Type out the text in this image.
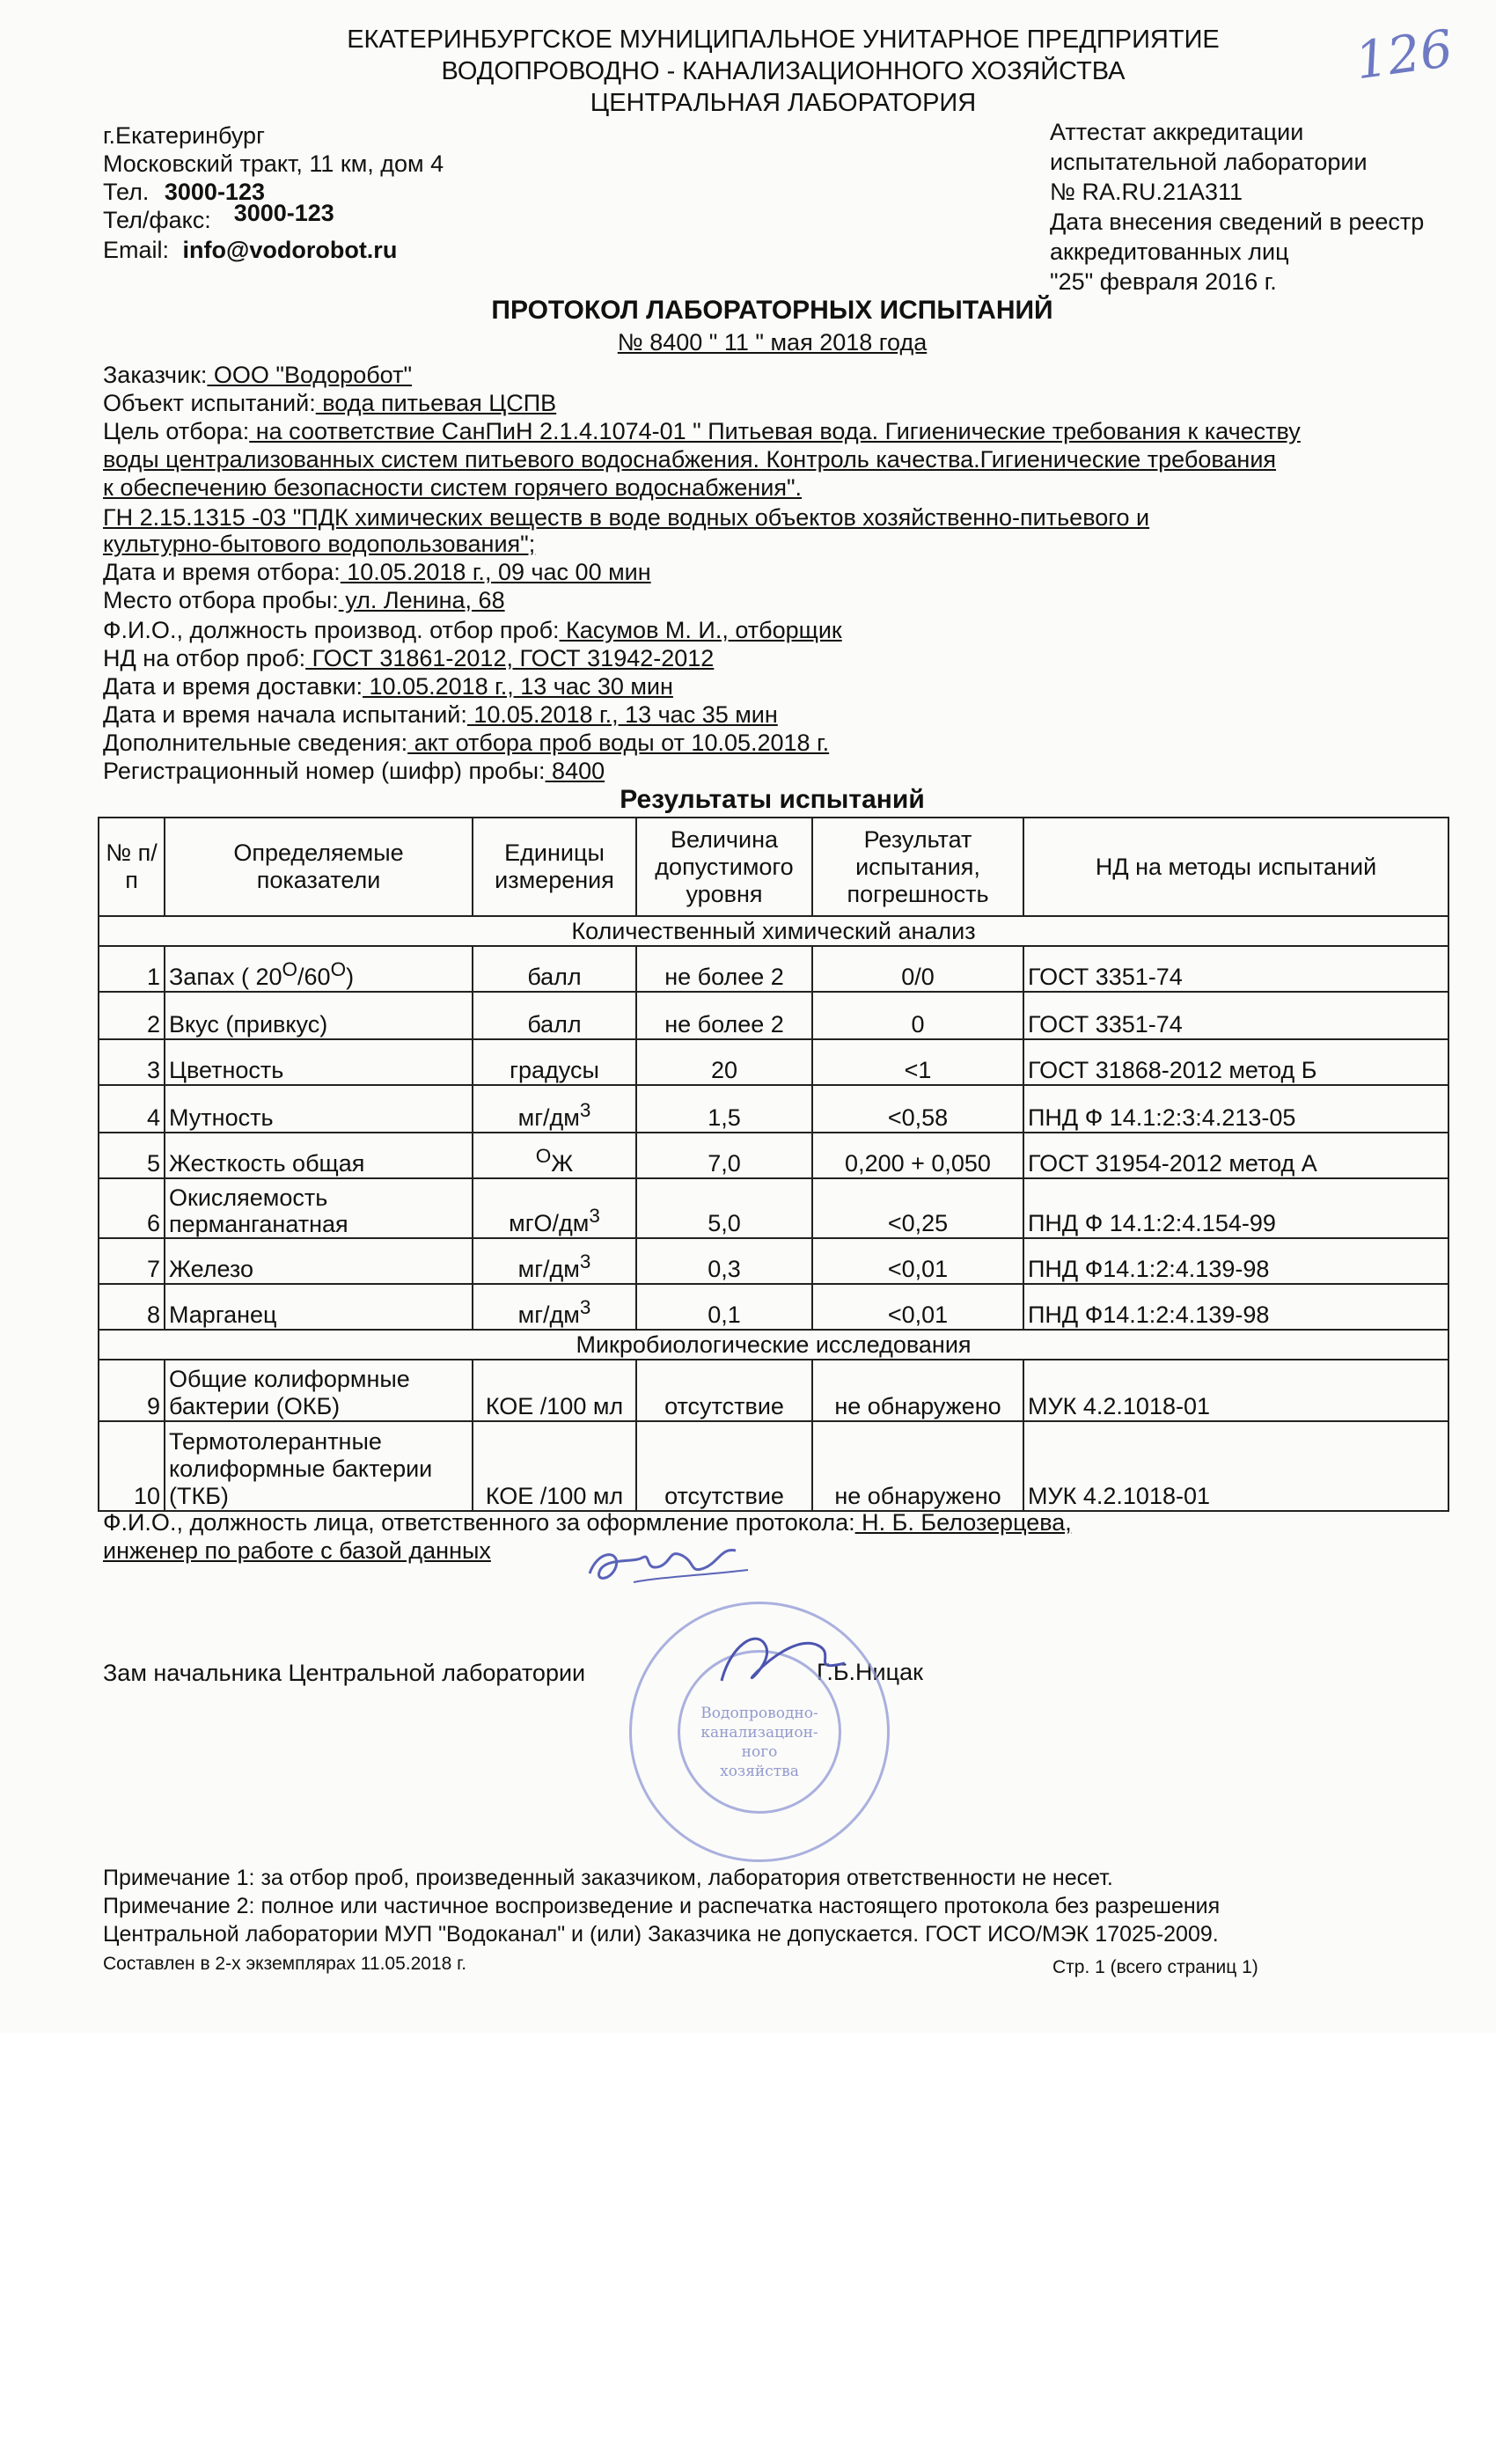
ЕКАТЕРИНБУРГСКОЕ МУНИЦИПАЛЬНОЕ УНИТАРНОЕ ПРЕДПРИЯТИЕ
ВОДОПРОВОДНО - КАНАЛИЗАЦИОННОГО ХОЗЯЙСТВА
ЦЕНТРАЛЬНАЯ ЛАБОРАТОРИЯ
126
г.Екатеринбург
Московский тракт, 11 км, дом 4
Тел. 3000-123
Тел/факс: 3000-123
Email: info@vodorobot.ru
Аттестат аккредитации
испытательной лаборатории
№ RA.RU.21А311
Дата внесения сведений в реестр
аккредитованных лиц
"25" февраля 2016 г.
ПРОТОКОЛ ЛАБОРАТОРНЫХ ИСПЫТАНИЙ
№ 8400 " 11 " мая 2018 года
Заказчик: ООО "Водоробот"
Объект испытаний: вода питьевая ЦСПВ
Цель отбора: на соответствие СанПиН 2.1.4.1074-01 " Питьевая вода. Гигиенические требования к качеству
воды централизованных систем питьевого водоснабжения. Контроль качества.Гигиенические требования
к обеспечению безопасности систем горячего водоснабжения".
ГН 2.15.1315 -03 "ПДК химических веществ в воде водных объектов хозяйственно-питьевого и
культурно-бытового водопользования";
Дата и время отбора: 10.05.2018 г., 09 час 00 мин
Место отбора пробы: ул. Ленина, 68
Ф.И.О., должность производ. отбор проб: Касумов М. И., отборщик
НД на отбор проб: ГОСТ 31861-2012, ГОСТ 31942-2012
Дата и время доставки: 10.05.2018 г., 13 час 30 мин
Дата и время начала испытаний: 10.05.2018 г., 13 час 35 мин
Дополнительные сведения: акт отбора проб воды от 10.05.2018 г.
Регистрационный номер (шифр) пробы: 8400
Результаты испытаний
№ п/п	Определяемые показатели	Единицы измерения	Величина допустимого уровня	Результат испытания, погрешность	НД на методы испытаний
Количественный химический анализ					
1	Запах ( $20^О/60^О$)	балл	не более 2	0/0	ГОСТ 3351-74
2	Вкус (привкус)	балл	не более 2	0	ГОСТ 3351-74
3	Цветность	градусы	20	<1	ГОСТ 31868-2012 метод Б
4	Мутность	$мг/дм^3$	1,5	<0,58	ПНД Ф 14.1:2:3:4.213-05
5	Жесткость общая	$^О$Ж	7,0	0,200 + 0,050	ГОСТ 31954-2012 метод А
6	Окисляемость перманганатная	мгО/$дм^3$	5,0	<0,25	ПНД Ф 14.1:2:4.154-99
7	Железо	$мг/дм^3$	0,3	<0,01	ПНД Ф14.1:2:4.139-98
8	Марганец	$мг/дм^3$	0,1	<0,01	ПНД Ф14.1:2:4.139-98
Микробиологические исследования					
9	Общие колиформные бактерии (ОКБ)	КОЕ /100 мл	отсутствие	не обнаружено	МУК 4.2.1018-01
10	Термотолерантные колиформные бактерии (ТКБ)	КОЕ /100 мл	отсутствие	не обнаружено	МУК 4.2.1018-01
Ф.И.О., должность лица, ответственного за оформление протокола: Н. Б. Белозерцева,
инженер по работе с базой данных
Зам начальника Центральной лаборатории	Г.Б.Ницак
Водопроводно-
канализацион-
ного
хозяйства
Примечание 1: за отбор проб, произведенный заказчиком, лаборатория ответственности не несет.
Примечание 2: полное или частичное воспроизведение и распечатка настоящего протокола без разрешения
Центральной лаборатории МУП "Водоканал" и (или) Заказчика не допускается. ГОСТ ИСО/МЭК 17025-2009.
Составлен в 2-х экземплярах 11.05.2018 г.	Стр. 1 (всего страниц 1)
